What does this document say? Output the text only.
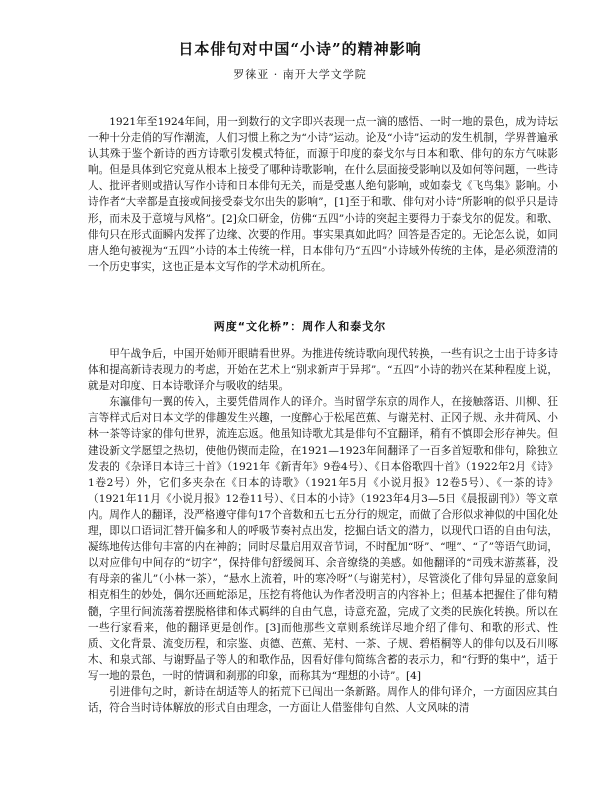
日本俳句对中国“小诗”的精神影响
罗徕亚 · 南开大学文学院

1921年至1924年间，用一到数行的文字即兴表现一点一滴的感悟、一时一地的景色，成为诗坛一种十分走俏的写作潮流，人们习惯上称之为“小诗”运动。论及“小诗”运动的发生机制，学界普遍承认其殊于鉴个新诗的西方诗歌引发模式特征，而源于印度的泰戈尔与日本和歌、俳句的东方气味影响。但是具体到它究竟从根本上接受了哪种诗歌影响，在什么层面接受影响以及如何等问题，一些诗人、批评者则或措认写作小诗和日本俳句无关，而是受惠人绝句影响，或如泰戈《飞鸟集》影响。小诗作者“大幸都是直接或间接受泰戈尔出失的影响”，[1]至于和歌、俳句对小诗“所影响的似乎只是诗形，而未及于意境与风格”。[2]众口研金，仿佛“五四”小诗的突起主要得力于泰戈尔的促发。和歌、俳句只在形式面瞬内发挥了边缘、次要的作用。事实果真如此吗？回答是否定的。无论怎么说，如同唐人绝句被视为“五四”小诗的本土传统一样，日本俳句乃“五四”小诗域外传统的主体，是必须澄清的一个历史事实，这也正是本文写作的学术动机所在。

两度“文化桥”：周作人和泰戈尔

甲午战争后，中国开始师开眼睛看世界。为推进传统诗歌向现代转换，一些有识之士出于诗多诗体和提高新诗表现力的考虑，开始在艺术上“别求新声于异邦”。“五四”小诗的勃兴在某种程度上说，就是对印度、日本诗歌译介与吸收的结果。

东瀛俳句一翼的传入，主要凭借周作人的译介。当时留学东京的周作人，在接触落语、川柳、狂言等样式后对日本文学的俳趣发生兴趣，一度醉心于松尾芭蕉、与谢芜村、正冈子规、永井荷风、小林一茶等诗家的俳句世界，流连忘返。他虽知诗歌尤其是俳句不宜翻译，稍有不慎即会形存神失。但建设新文学愿望之热切，使他仍锲而走险，在1921—1923年间翻译了一百多首短歌和俳句，除独立发表的《杂译日本诗三十首》（1921年《新青年》9卷4号）、《日本俗歌四十首》（1922年2月《诗》1卷2号）外，它们多夹杂在《日本的诗歌》（1921年5月《小说月报》12卷5号）、《一茶的诗》（1921年11月《小说月报》12卷11号）、《日本的小诗》（1923年4月3—5日《晨报副刊》）等文章内。周作人的翻译，没严格遵守俳句17个音数和五七五分行的规定，而做了合形似求神似的中国化处理，即以口语词汇替开偏多和人的呼吸节奏衬点出发，挖掘白话文的潜力，以现代口语的自由句法，凝练地传达俳句丰富的内在神韵；同时尽量启用双音节词，不时配加“呀”、“哩”、“了”等语气助词，以对应俳句中间存的“切字”，保持俳句舒缓阅耳、余音缭绕的美感。如他翻译的“司残末游蒸暮，没有母亲的雀儿”（小林一茶），“悬水上流着，叶的寒冷呀”（与谢芜村），尽管淡化了俳句异显的意象间相克相生的妙处，偶尔还画蛇添足，压挖有将他认为作者没明言的内容补上；但基本把握住了俳句精髓，字里行间流荡着摆脱格律和体式羁绊的自由气息，诗意充盈，完成了文类的民族化转换。所以在一些行家看来，他的翻译更是创作。[3]而他那些文章则系统详尽地介绍了俳句、和歌的形式、性质、文化背景、流变历程，和宗鉴、贞德、芭蕉、芜村、一茶、子规、碧梧桐等人的俳句以及石川啄木、和泉式部、与谢野晶子等人的和歌作品，因看好俳句简练含蓄的表示力，和“行野的集中”，适于写一地的景色，一时的情调和刹那的印象，而称其为“理想的小诗”。[4]

引进俳句之时，新诗在胡适等人的拓荒下已闯出一条新路。周作人的俳句译介，一方面因应其白话，符合当时诗体解放的形式自由理念，一方面让人借鉴俳句自然、人文风味的清
